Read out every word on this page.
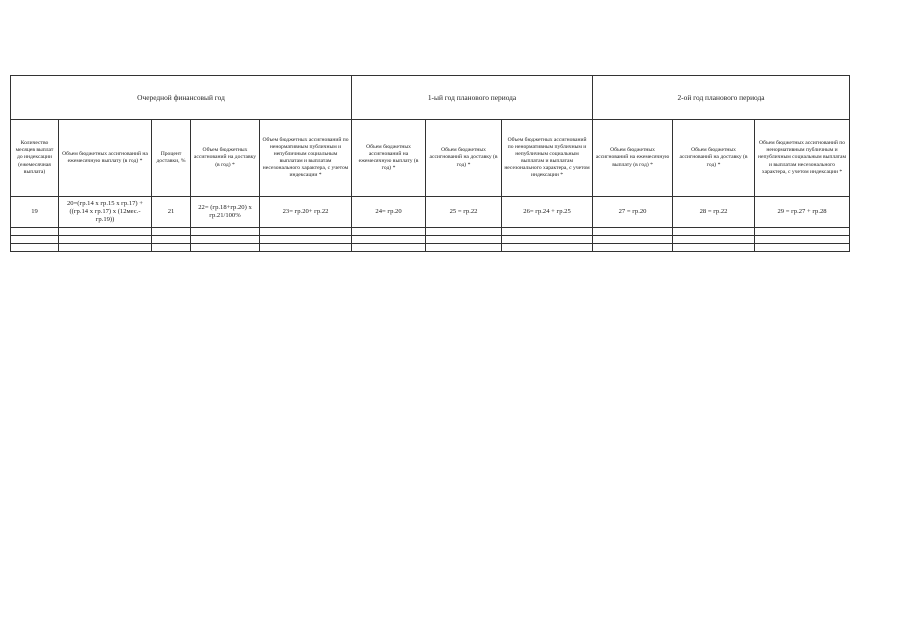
Очередной финансовый год					1-ый год планового периода			2-ой год планового периода		
Количество месяцев выплат до индексации (ежемесячная выплата)	Объем бюджетных ассигнований на ежемесячную выплату (в год) *	Процент доставки, %	Объем бюджетных ассигнований на доставку (в год) *	Объем бюджетных ассигнований по ненормативным публичным и непубличным социальным выплатам и выплатам несезонального характера, с учетом индексации *	Объем бюджетных ассигнований на ежемесячную выплату (в год) *	Объем бюджетных ассигнований на доставку (в год) *	Объем бюджетных ассигнований по ненормативным публичным и непубличным социальным выплатам и выплатам несезонального характера, с учетом индексации *	Объем бюджетных ассигнований на ежемесячную выплату (в год) *	Объем бюджетных ассигнований на доставку (в год) *	Объем бюджетных ассигнований по ненормативным публичным и непубличным социальным выплатам и выплатам несезонального характера, с учетом индексации *
19	20=(гр.14 х гр.15 х гр.17) +((гр.14 х гр.17) х (12мес.- гр.19))	21	22= (гр.18+гр.20) х гр.21/100%	23= гр.20+ гр.22	24= гр.20	25 = гр.22	26= гр.24 + гр.25	27 = гр.20	28 = гр.22	29 = гр.27 + гр.28
